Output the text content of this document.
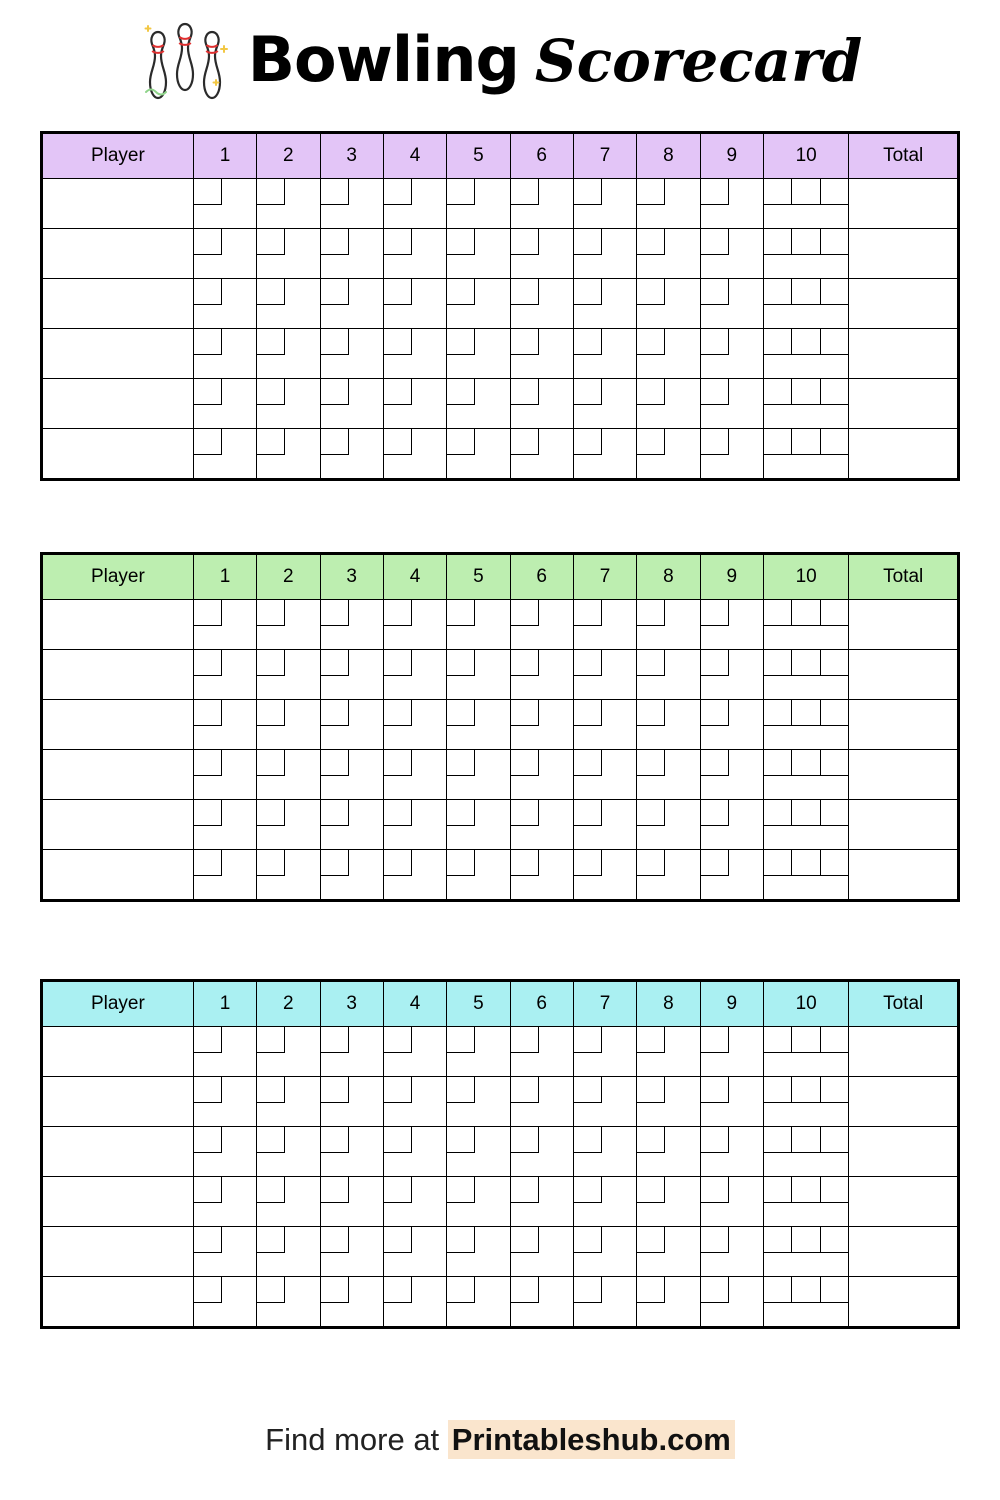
Bowling Scorecard
Player	1	2	3	4	5	6	7	8	9	10	Total

Player	1	2	3	4	5	6	7	8	9	10	Total

Player	1	2	3	4	5	6	7	8	9	10	Total

Find more at Printableshub.com
